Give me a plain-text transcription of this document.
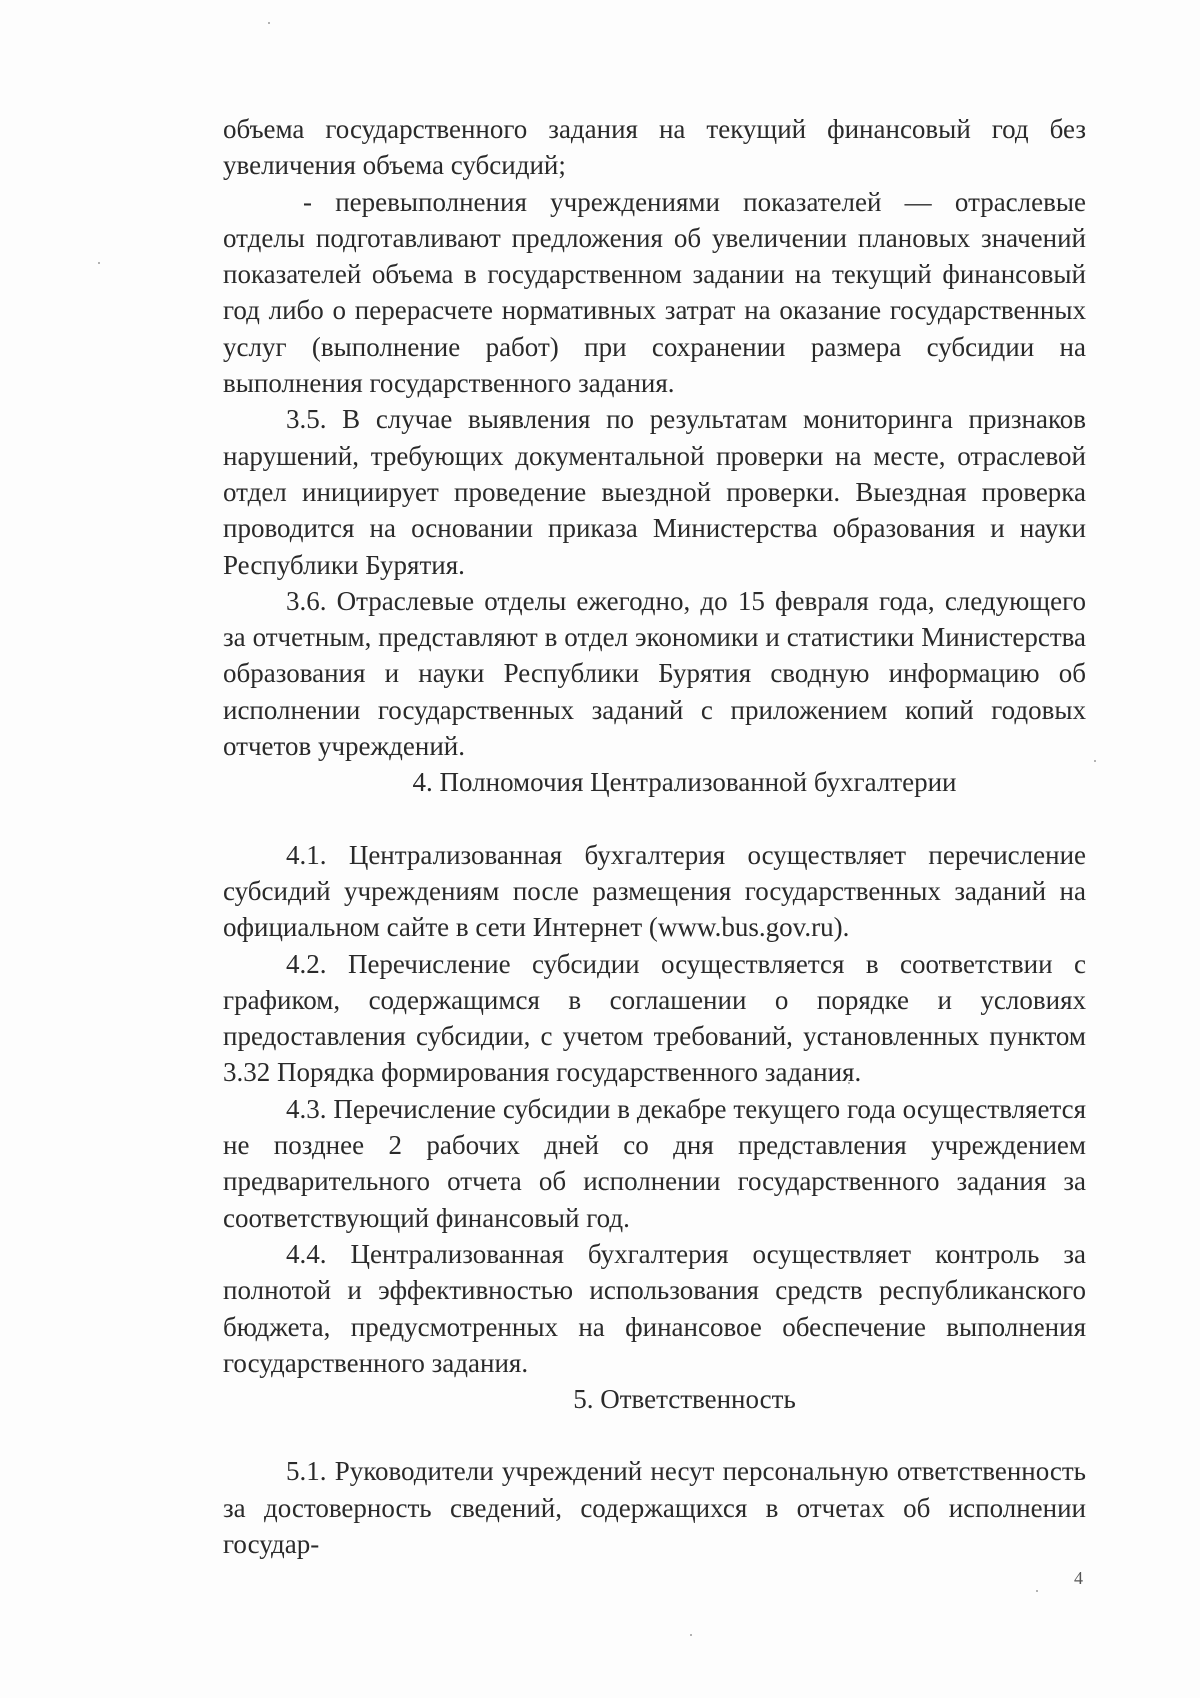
объема государственного задания на текущий финансовый год без увеличения объема субсидий;

- перевыполнения учреждениями показателей — отраслевые отделы подготавливают предложения об увеличении плановых значений показателей объема в государственном задании на текущий финансовый год либо о перерасчете нормативных затрат на оказание государственных услуг (выполнение работ) при сохранении размера субсидии на выполнения государственного задания.

3.5. В случае выявления по результатам мониторинга признаков нарушений, требующих документальной проверки на месте, отраслевой отдел инициирует проведение выездной проверки. Выездная проверка проводится на основании приказа Министерства образования и науки Республики Бурятия.

3.6. Отраслевые отделы ежегодно, до 15 февраля года, следующего за отчетным, представляют в отдел экономики и статистики Министерства образования и науки Республики Бурятия сводную информацию об исполнении государственных заданий с приложением копий годовых отчетов учреждений.

4. Полномочия Централизованной бухгалтерии

4.1. Централизованная бухгалтерия осуществляет перечисление субсидий учреждениям после размещения государственных заданий на официальном сайте в сети Интернет (www.bus.gov.ru).

4.2. Перечисление субсидии осуществляется в соответствии с графиком, содержащимся в соглашении о порядке и условиях предоставления субсидии, с учетом требований, установленных пунктом 3.32 Порядка формирования государственного задания.

4.3. Перечисление субсидии в декабре текущего года осуществляется не позднее 2 рабочих дней со дня представления учреждением предварительного отчета об исполнении государственного задания за соответствующий финансовый год.

4.4. Централизованная бухгалтерия осуществляет контроль за полнотой и эффективностью использования средств республиканского бюджета, предусмотренных на финансовое обеспечение выполнения государственного задания.

5. Ответственность

5.1. Руководители учреждений несут персональную ответственность за достоверность сведений, содержащихся в отчетах об исполнении государ-

4
